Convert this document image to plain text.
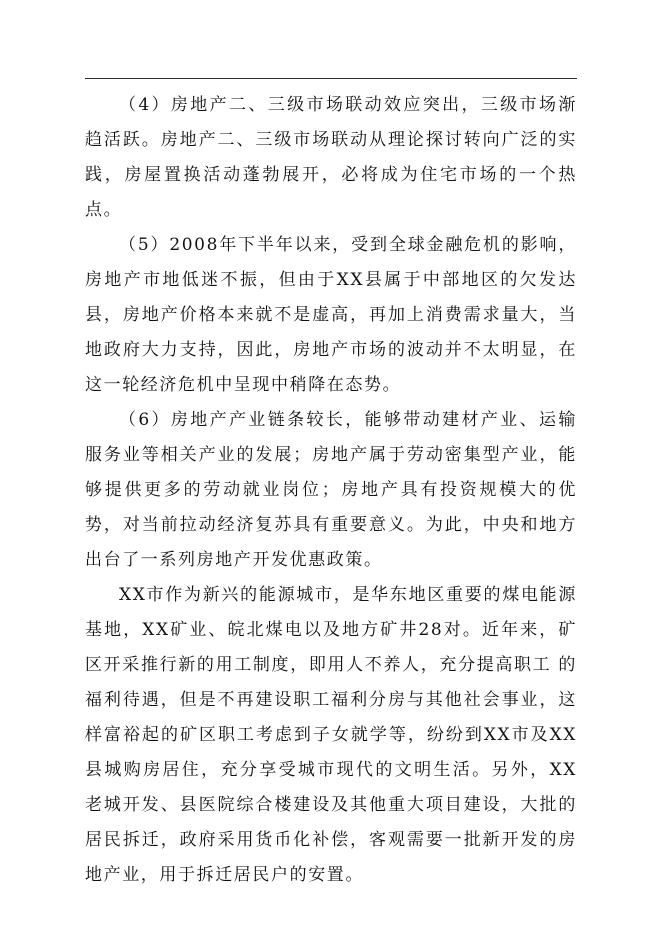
（4）房地产二、三级市场联动效应突出，三级市场渐趋活跃。房地产二、三级市场联动从理论探讨转向广泛的实践，房屋置换活动蓬勃展开，必将成为住宅市场的一个热点。

（5）2008年下半年以来，受到全球金融危机的影响，房地产市地低迷不振，但由于XX县属于中部地区的欠发达县，房地产价格本来就不是虚高，再加上消费需求量大，当地政府大力支持，因此，房地产市场的波动并不太明显，在这一轮经济危机中呈现中稍降在态势。

（6）房地产产业链条较长，能够带动建材产业、运输服务业等相关产业的发展；房地产属于劳动密集型产业，能够提供更多的劳动就业岗位；房地产具有投资规模大的优势，对当前拉动经济复苏具有重要意义。为此，中央和地方出台了一系列房地产开发优惠政策。

XX市作为新兴的能源城市，是华东地区重要的煤电能源基地，XX矿业、皖北煤电以及地方矿井28对。近年来，矿区开采推行新的用工制度，即用人不养人，充分提高职工 的福利待遇，但是不再建设职工福利分房与其他社会事业，这样富裕起的矿区职工考虑到子女就学等，纷纷到XX市及XX县城购房居住，充分享受城市现代的文明生活。另外，XX老城开发、县医院综合楼建设及其他重大项目建设，大批的居民拆迁，政府采用货币化补偿，客观需要一批新开发的房地产业，用于拆迁居民户的安置。
